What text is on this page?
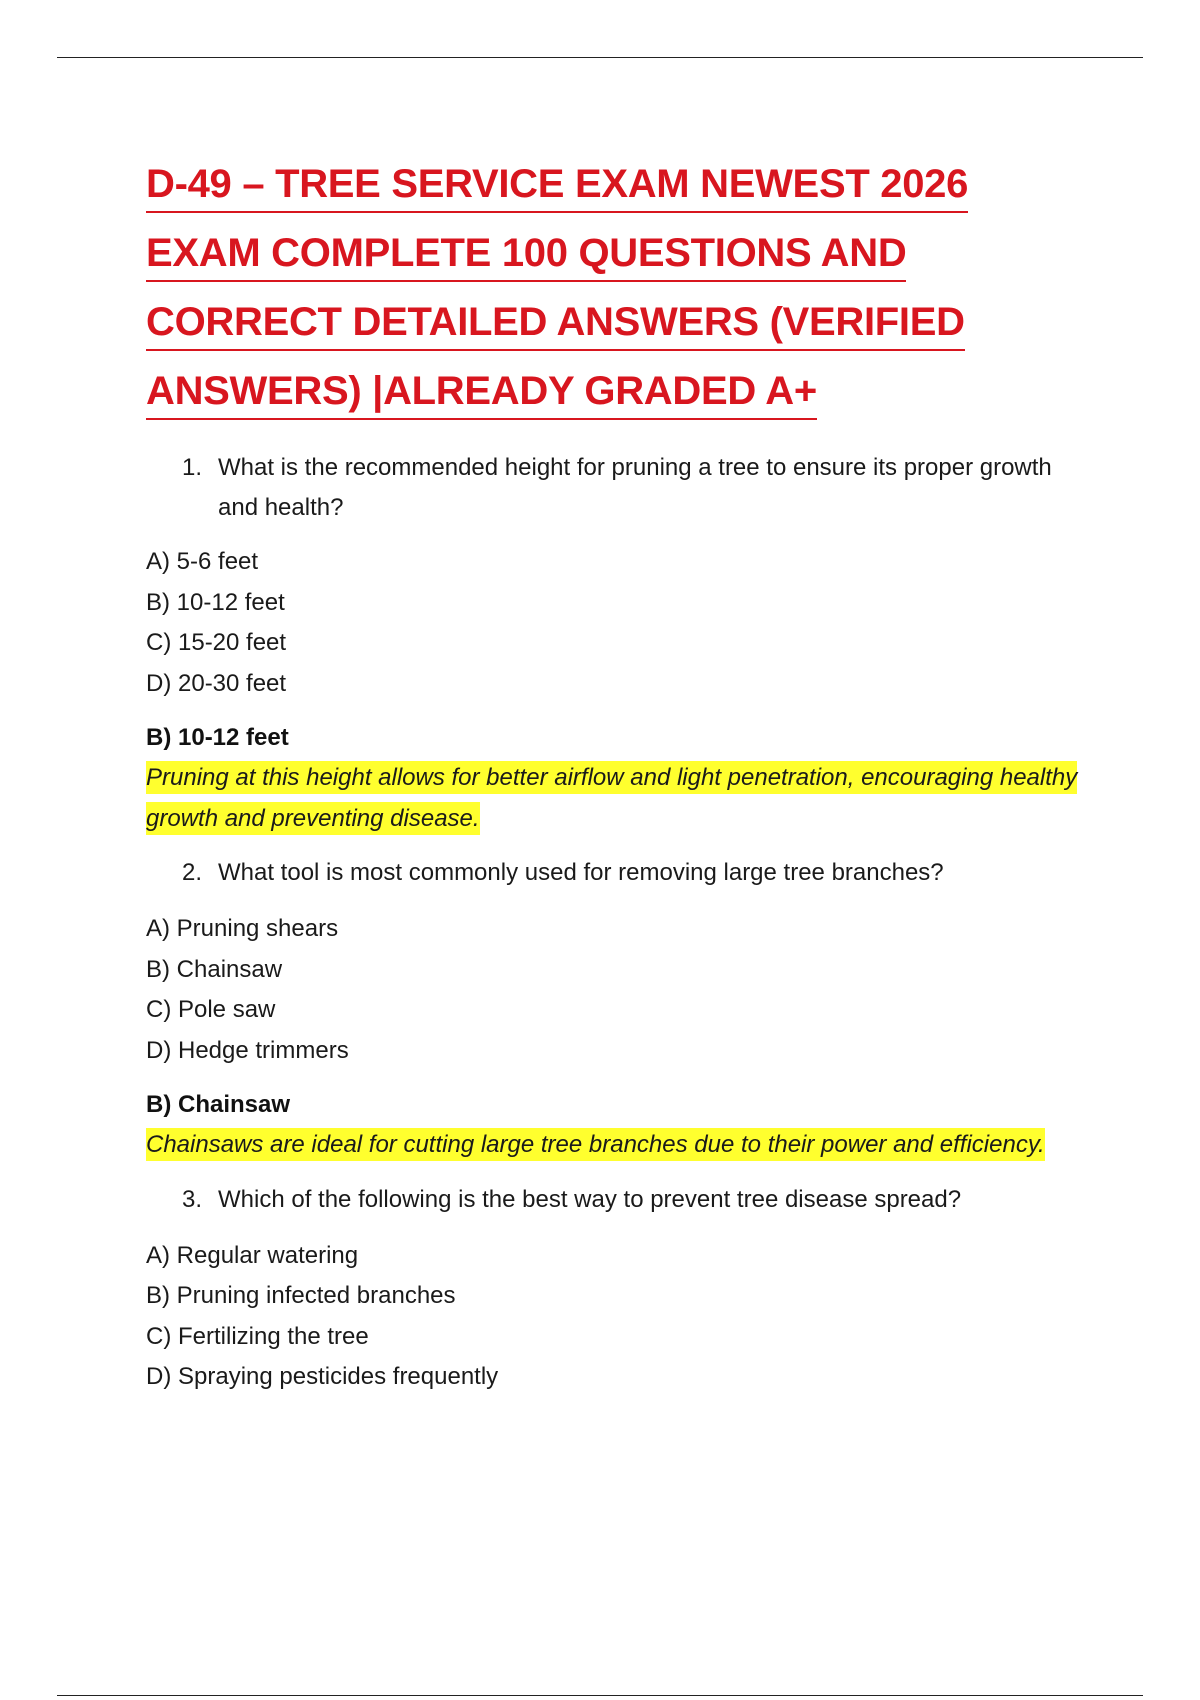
D-49 – TREE SERVICE EXAM NEWEST 2026
EXAM COMPLETE 100 QUESTIONS AND
CORRECT DETAILED ANSWERS (VERIFIED
ANSWERS) |ALREADY GRADED A+
1. What is the recommended height for pruning a tree to ensure its proper growth and health?
A) 5-6 feet
B) 10-12 feet
C) 15-20 feet
D) 20-30 feet
B) 10-12 feet
Pruning at this height allows for better airflow and light penetration, encouraging healthy growth and preventing disease.
2. What tool is most commonly used for removing large tree branches?
A) Pruning shears
B) Chainsaw
C) Pole saw
D) Hedge trimmers
B) Chainsaw
Chainsaws are ideal for cutting large tree branches due to their power and efficiency.
3. Which of the following is the best way to prevent tree disease spread?
A) Regular watering
B) Pruning infected branches
C) Fertilizing the tree
D) Spraying pesticides frequently
